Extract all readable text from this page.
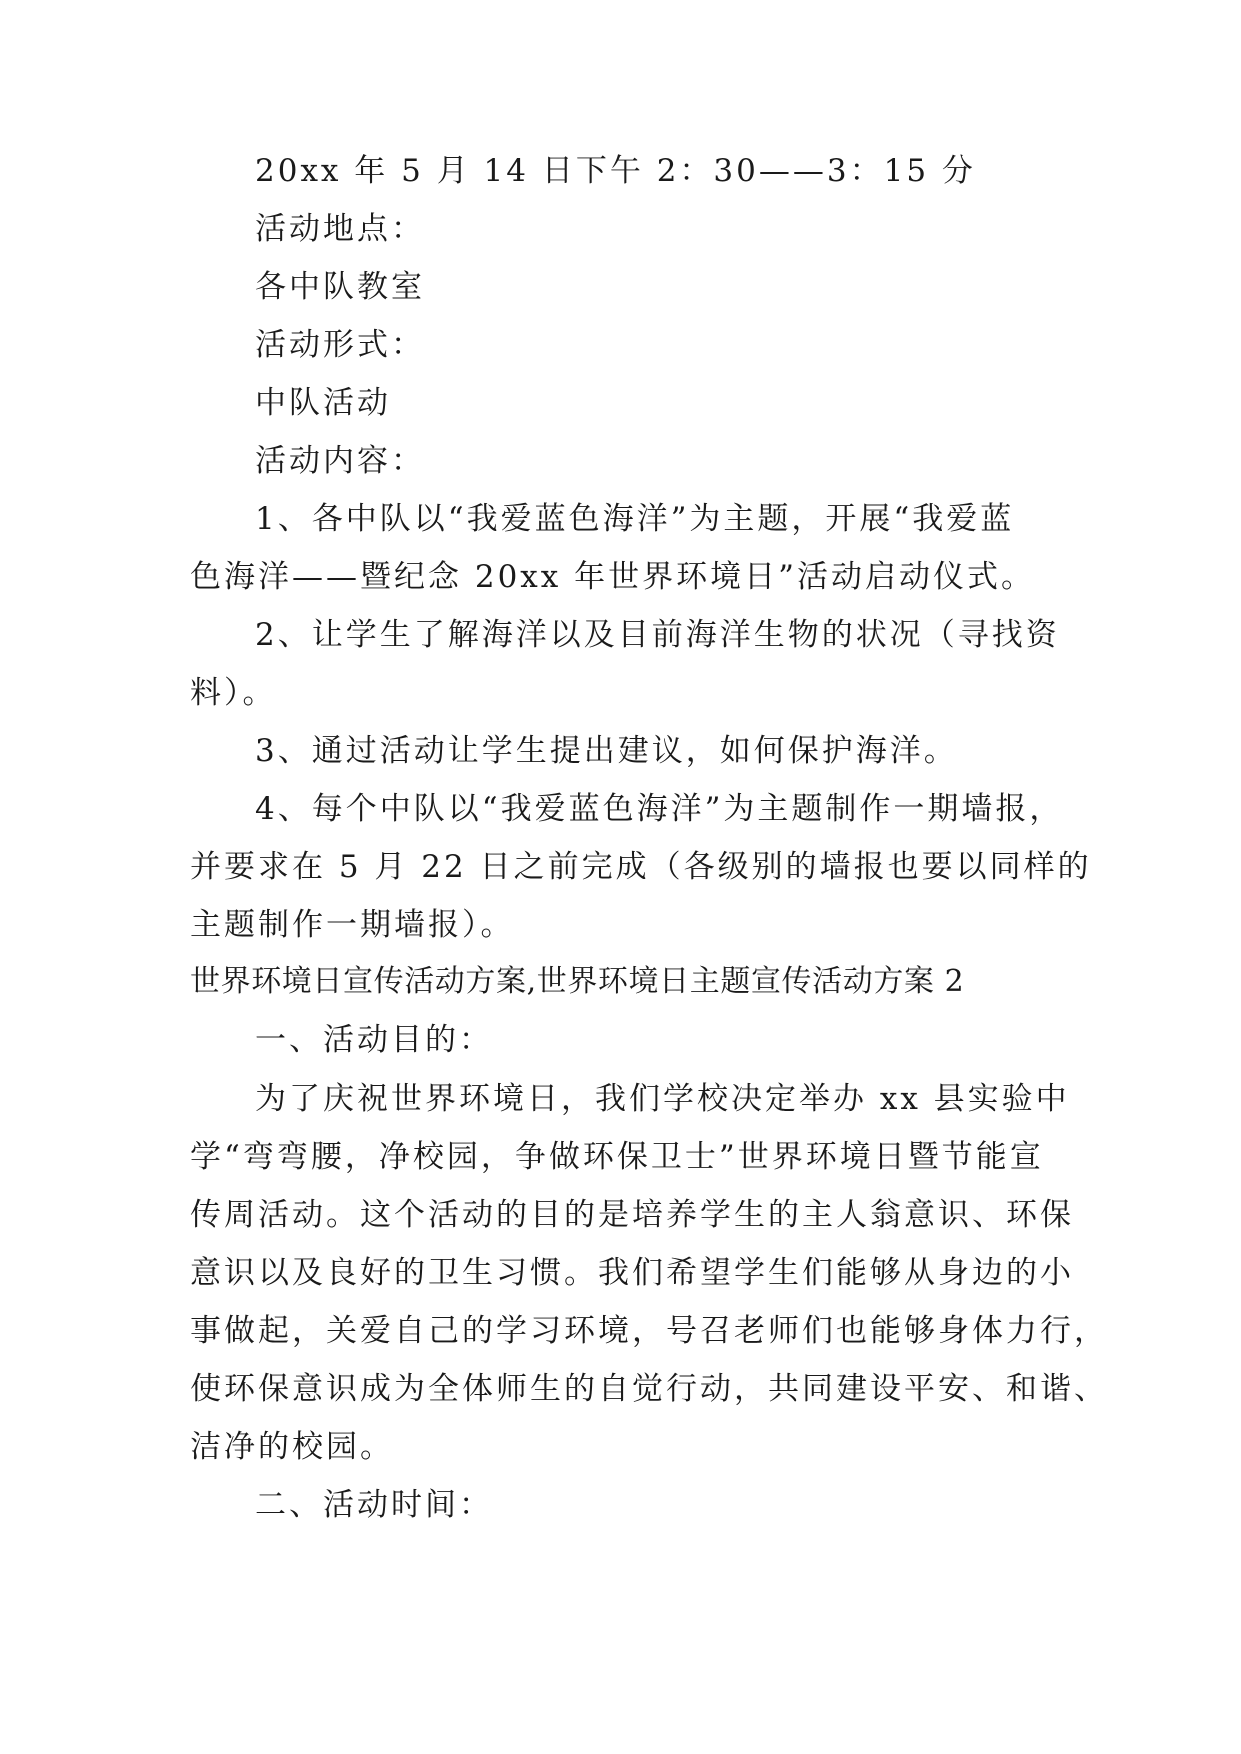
20xx 年 5 月 14 日下午 2：30——3：15 分
活动地点：
各中队教室
活动形式：
中队活动
活动内容：
1、各中队以“我爱蓝色海洋”为主题，开展“我爱蓝
色海洋——暨纪念 20xx 年世界环境日”活动启动仪式。
2、让学生了解海洋以及目前海洋生物的状况（寻找资
料）。
3、通过活动让学生提出建议，如何保护海洋。
4、每个中队以“我爱蓝色海洋”为主题制作一期墙报，
并要求在 5 月 22 日之前完成（各级别的墙报也要以同样的
主题制作一期墙报）。
世界环境日宣传活动方案,世界环境日主题宣传活动方案 2
一、活动目的：
为了庆祝世界环境日，我们学校决定举办 xx 县实验中
学“弯弯腰，净校园，争做环保卫士”世界环境日暨节能宣
传周活动。这个活动的目的是培养学生的主人翁意识、环保
意识以及良好的卫生习惯。我们希望学生们能够从身边的小
事做起，关爱自己的学习环境，号召老师们也能够身体力行，
使环保意识成为全体师生的自觉行动，共同建设平安、和谐、
洁净的校园。
二、活动时间：
